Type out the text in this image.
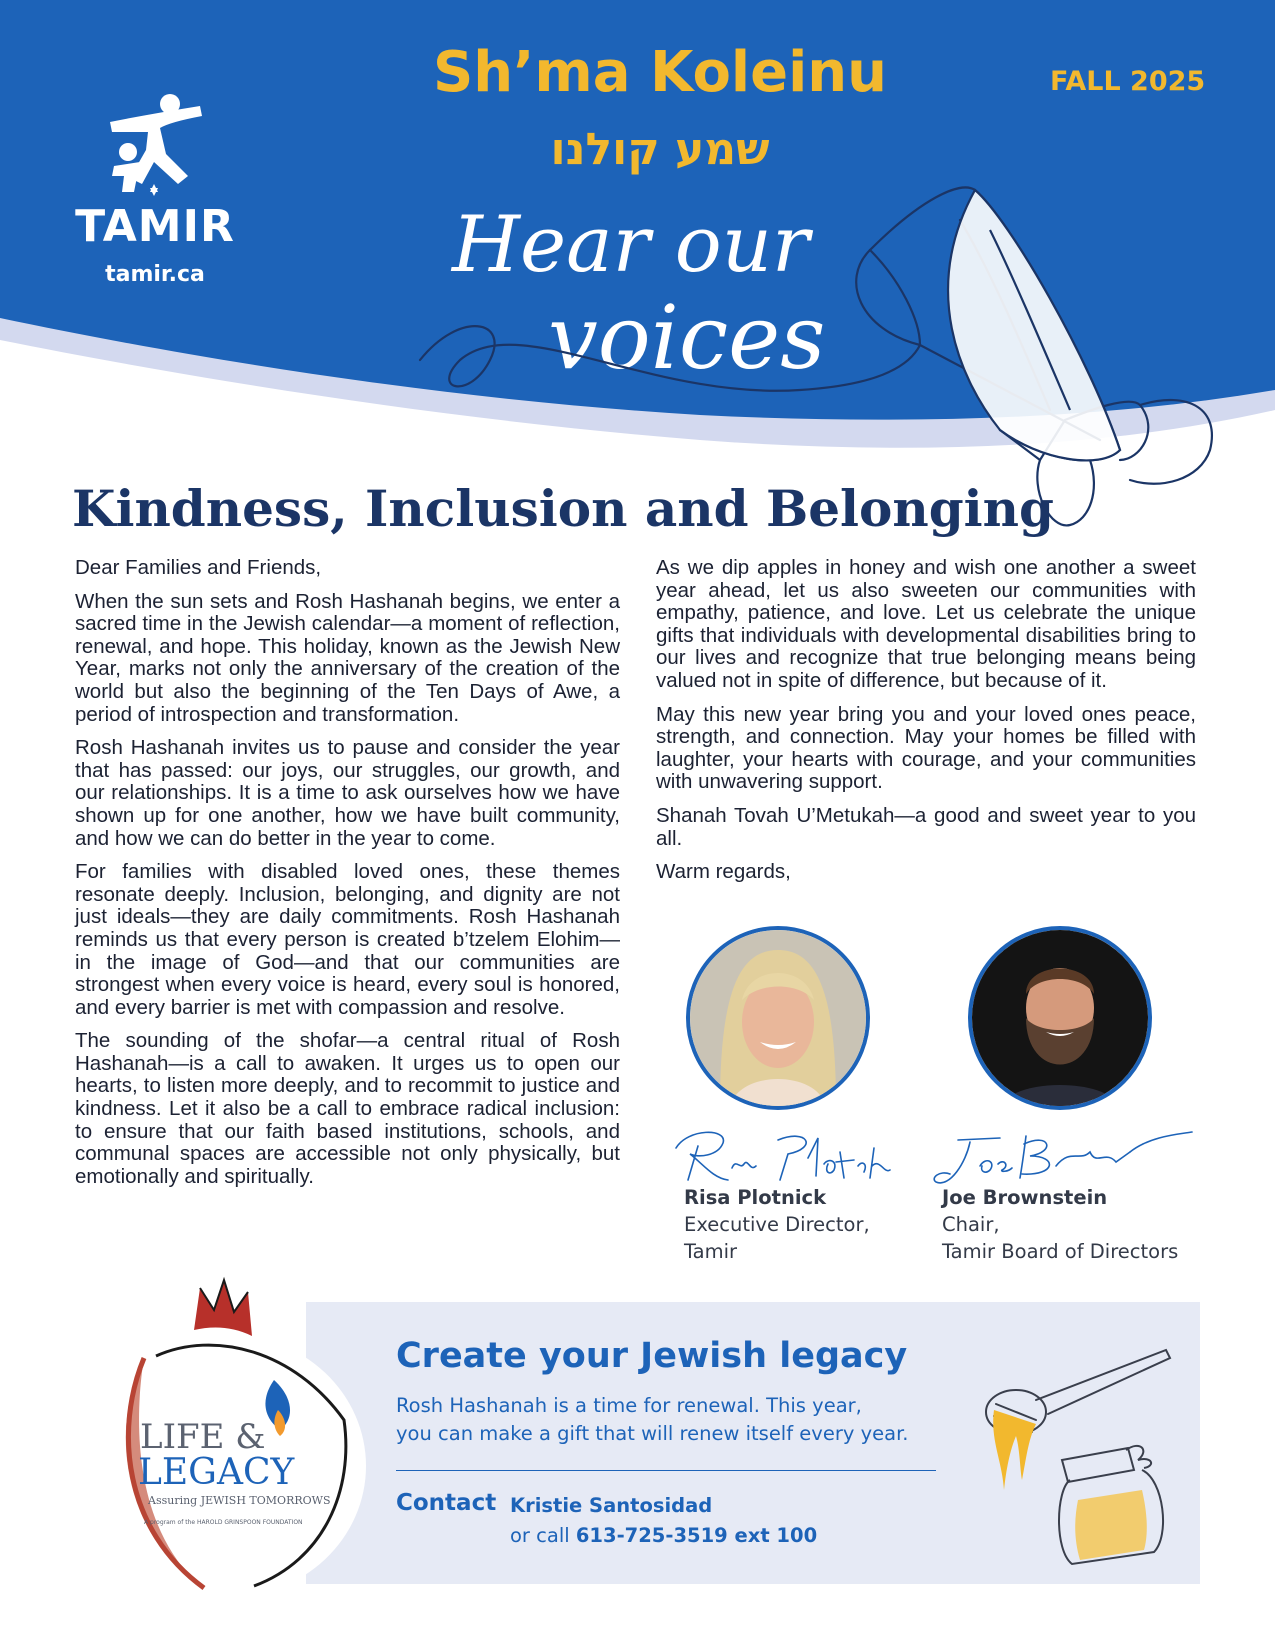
TAMIR
tamir.ca
Sh’ma Koleinu
שמע קולנו
FALL 2025
Hear our
voices
Kindness, Inclusion and Belonging

Dear Families and Friends,

When the sun sets and Rosh Hashanah begins, we enter a sacred time in the Jewish calendar—a moment of reflection, renewal, and hope. This holiday, known as the Jewish New Year, marks not only the anniversary of the creation of the world but also the beginning of the Ten Days of Awe, a period of introspection and transformation.

Rosh Hashanah invites us to pause and consider the year that has passed: our joys, our struggles, our growth, and our relationships. It is a time to ask ourselves how we have shown up for one another, how we have built community, and how we can do better in the year to come.

For families with disabled loved ones, these themes resonate deeply. Inclusion, belonging, and dignity are not just ideals—they are daily commitments. Rosh Hashanah reminds us that every person is created b’tzelem Elohim—in the image of God—and that our communities are strongest when every voice is heard, every soul is honored, and every barrier is met with compassion and resolve.

The sounding of the shofar—a central ritual of Rosh Hashanah—is a call to awaken. It urges us to open our hearts, to listen more deeply, and to recommit to justice and kindness. Let it also be a call to embrace radical inclusion: to ensure that our faith based institutions, schools, and communal spaces are accessible not only physically, but emotionally and spiritually.

As we dip apples in honey and wish one another a sweet year ahead, let us also sweeten our communities with empathy, patience, and love. Let us celebrate the unique gifts that individuals with developmental disabilities bring to our lives and recognize that true belonging means being valued not in spite of difference, but because of it.

May this new year bring you and your loved ones peace, strength, and connection. May your homes be filled with laughter, your hearts with courage, and your communities with unwavering support.

Shanah Tovah U’Metukah—a good and sweet year to you all.

Warm regards,

Risa Plotnick
Executive Director,
Tamir
Joe Brownstein
Chair,
Tamir Board of Directors
LIFE &
LEGACY
Assuring JEWISH TOMORROWS
A program of the HAROLD GRINSPOON FOUNDATION
Create your Jewish legacy
Rosh Hashanah is a time for renewal. This year,
you can make a gift that will renew itself every year.
Contact Kristie Santosidad
or call 613-725-3519 ext 100
